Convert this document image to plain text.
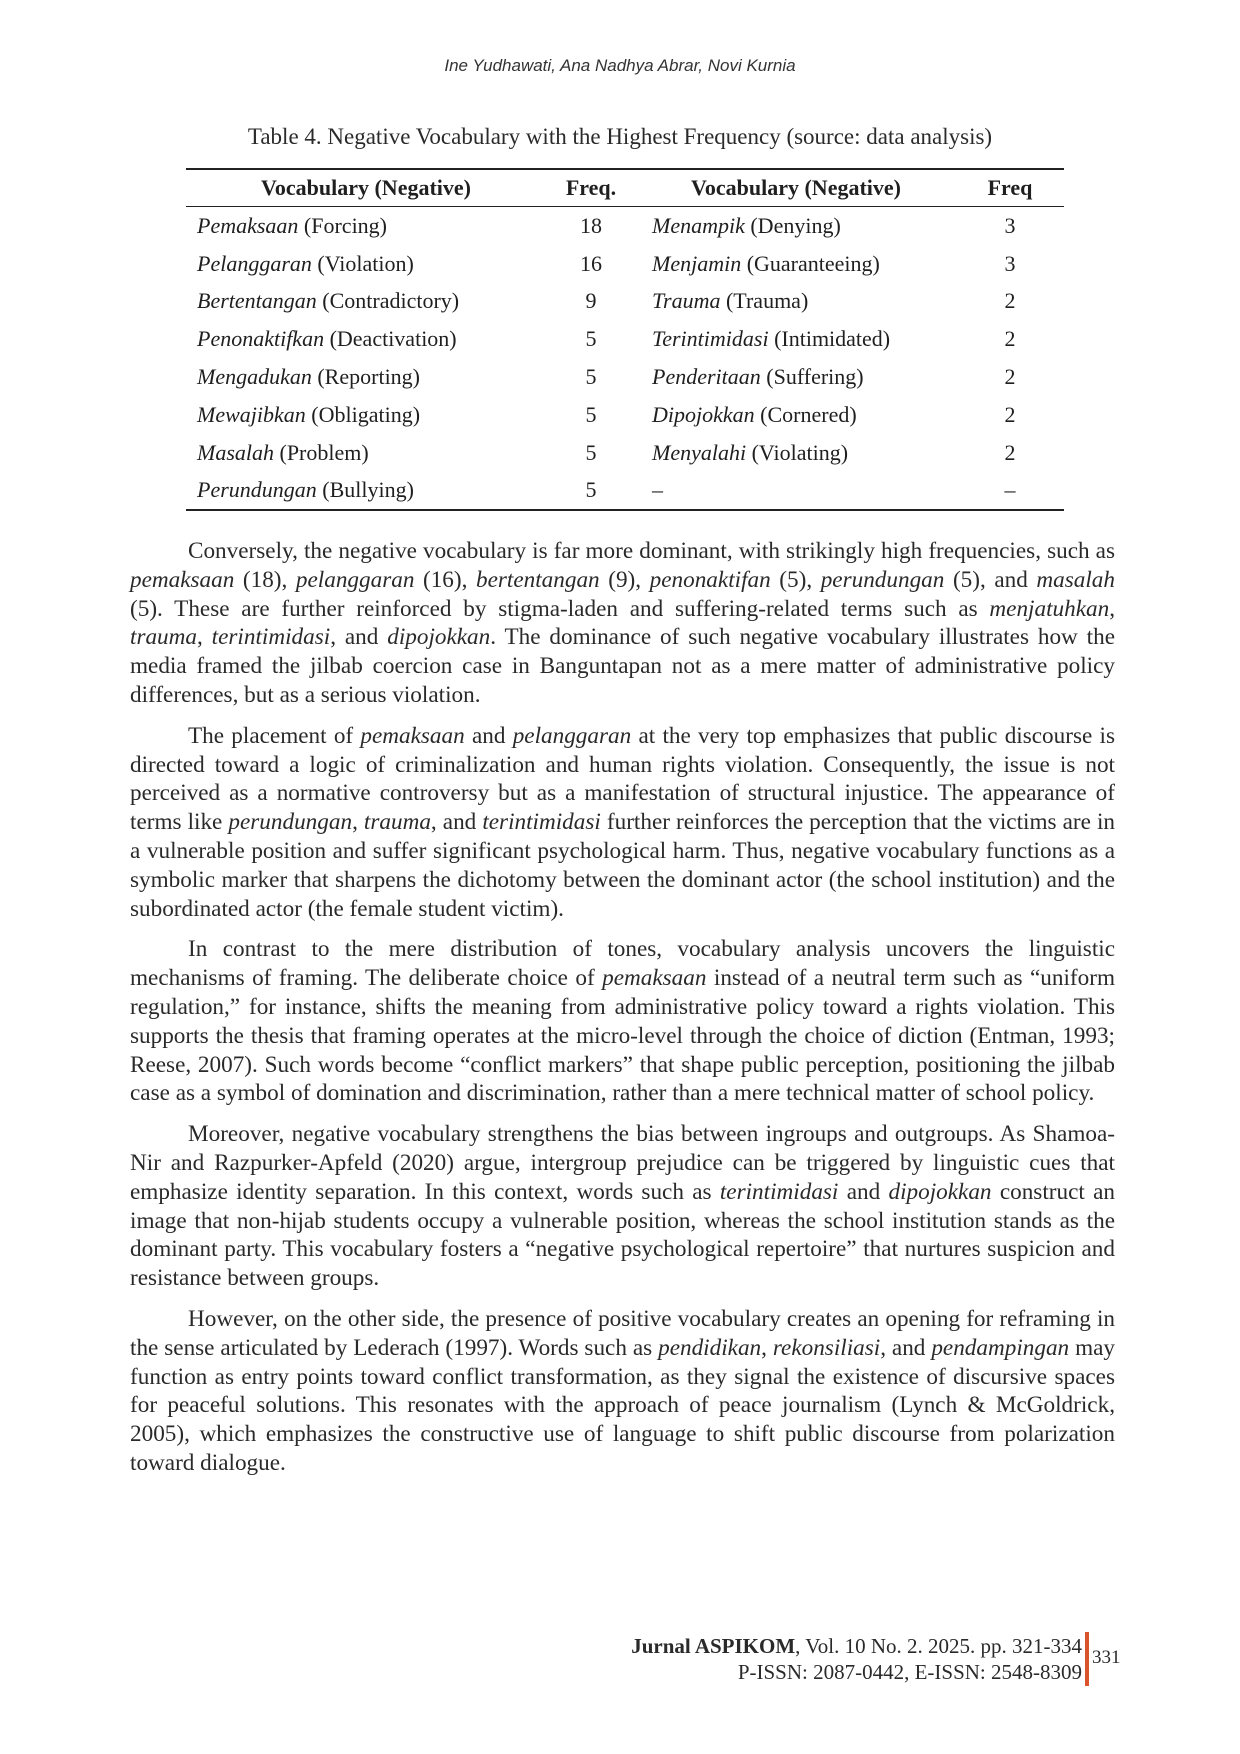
Ine Yudhawati, Ana Nadhya Abrar, Novi Kurnia
Table 4. Negative Vocabulary with the Highest Frequency (source: data analysis)
Vocabulary (Negative)	Freq.	Vocabulary (Negative)	Freq
Pemaksaan (Forcing)	18	Menampik (Denying)	3
Pelanggaran (Violation)	16	Menjamin (Guaranteeing)	3
Bertentangan (Contradictory)	9	Trauma (Trauma)	2
Penonaktifkan (Deactivation)	5	Terintimidasi (Intimidated)	2
Mengadukan (Reporting)	5	Penderitaan (Suffering)	2
Mewajibkan (Obligating)	5	Dipojokkan (Cornered)	2
Masalah (Problem)	5	Menyalahi (Violating)	2
Perundungan (Bullying)	5	–	–

Conversely, the negative vocabulary is far more dominant, with strikingly high frequencies, such as pemaksaan (18), pelanggaran (16), bertentangan (9), penonaktifan (5), perundungan (5), and masalah (5). These are further reinforced by stigma-laden and suffering-related terms such as menjatuhkan, trauma, terintimidasi, and dipojokkan. The dominance of such negative vocabulary illustrates how the media framed the jilbab coercion case in Banguntapan not as a mere matter of administrative policy differences, but as a serious violation.

The placement of pemaksaan and pelanggaran at the very top emphasizes that public discourse is directed toward a logic of criminalization and human rights violation. Consequently, the issue is not perceived as a normative controversy but as a manifestation of structural injustice. The appearance of terms like perundungan, trauma, and terintimidasi further reinforces the perception that the victims are in a vulnerable position and suffer significant psychological harm. Thus, negative vocabulary functions as a symbolic marker that sharpens the dichotomy between the dominant actor (the school institution) and the subordinated actor (the female student victim).

In contrast to the mere distribution of tones, vocabulary analysis uncovers the linguistic mechanisms of framing. The deliberate choice of pemaksaan instead of a neutral term such as “uniform regulation,” for instance, shifts the meaning from administrative policy toward a rights violation. This supports the thesis that framing operates at the micro-level through the choice of diction (Entman, 1993; Reese, 2007). Such words become “conflict markers” that shape public perception, positioning the jilbab case as a symbol of domination and discrimination, rather than a mere technical matter of school policy.

Moreover, negative vocabulary strengthens the bias between ingroups and outgroups. As Shamoa-Nir and Razpurker-Apfeld (2020) argue, intergroup prejudice can be triggered by linguistic cues that emphasize identity separation. In this context, words such as terintimidasi and dipojokkan construct an image that non-hijab students occupy a vulnerable position, whereas the school institution stands as the dominant party. This vocabulary fosters a “negative psychological repertoire” that nurtures suspicion and resistance between groups.

However, on the other side, the presence of positive vocabulary creates an opening for reframing in the sense articulated by Lederach (1997). Words such as pendidikan, rekonsiliasi, and pendampingan may function as entry points toward conflict transformation, as they signal the existence of discursive spaces for peaceful solutions. This resonates with the approach of peace journalism (Lynch & McGoldrick, 2005), which emphasizes the constructive use of language to shift public discourse from polarization toward dialogue.

Jurnal ASPIKOM, Vol. 10 No. 2. 2025. pp. 321-334
P-ISSN: 2087-0442, E-ISSN: 2548-8309
331
